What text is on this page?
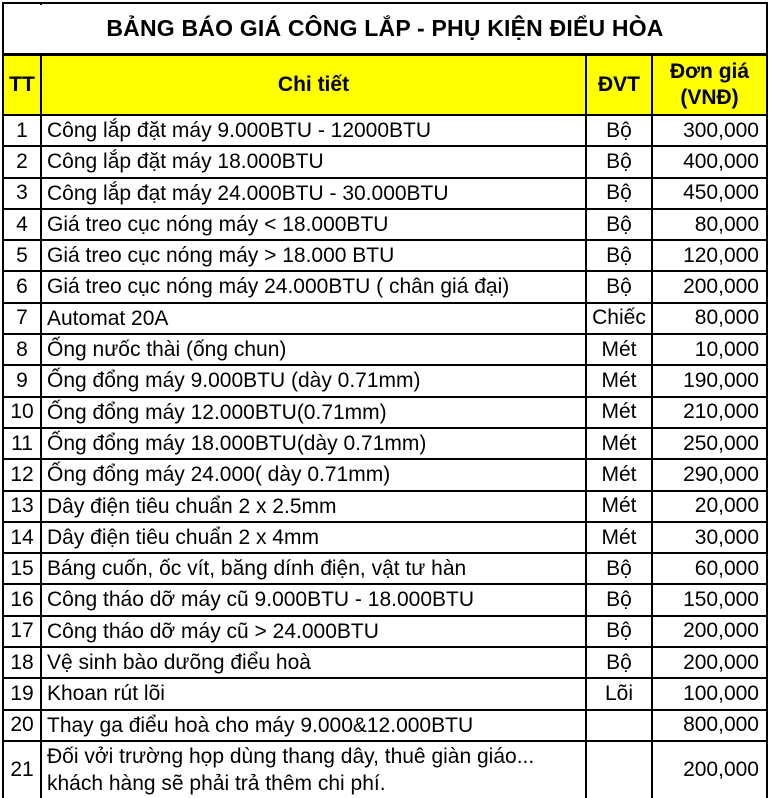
BẢNG BÁO GIÁ CÔNG LẮP - PHỤ KIỆN ĐIỂU HÒA			
TT	Chi tiết	ĐVT	Đơn giá (VNĐ)
1	Công lắp đặt máy 9.000BTU - 12000BTU	Bộ	300,000
2	Công lắp đặt máy 18.000BTU	Bộ	400,000
3	Công lắp đạt máy 24.000BTU - 30.000BTU	Bộ	450,000
4	Giá treo cục nóng máy < 18.000BTU	Bộ	80,000
5	Giá treo cục nóng máy > 18.000 BTU	Bộ	120,000
6	Giá treo cục nóng máy 24.000BTU ( chân giá đại)	Bộ	200,000
7	Automat 20A	Chiếc	80,000
8	Ống nưốc thài (ống chun)	Mét	10,000
9	Ống đổng máy 9.000BTU (dày 0.71mm)	Mét	190,000
10	Ống đổng máy 12.000BTU(0.71mm)	Mét	210,000
11	Ống đổng máy 18.000BTU(dày 0.71mm)	Mét	250,000
12	Ống đổng máy 24.000( dày 0.71mm)	Mét	290,000
13	Dây điện tiêu chuẩn 2 x 2.5mm	Mét	20,000
14	Dây điện tiêu chuẩn 2 x 4mm	Mét	30,000
15	Báng cuốn, ốc vít, băng dính điện, vật tư hàn	Bộ	60,000
16	Công tháo dỡ máy cũ 9.000BTU - 18.000BTU	Bộ	150,000
17	Công tháo dỡ máy cũ > 24.000BTU	Bộ	200,000
18	Vệ sinh bào dưõng điểu hoà	Bộ	200,000
19	Khoan rút lõi	Lõi	100,000
20	Thay ga điểu hoà cho máy 9.000&12.000BTU		800,000
21	Đối vởi trường họp dùng thang dây, thuê giàn giáo... khách hàng sẽ phải trả thêm chi phí.		200,000
